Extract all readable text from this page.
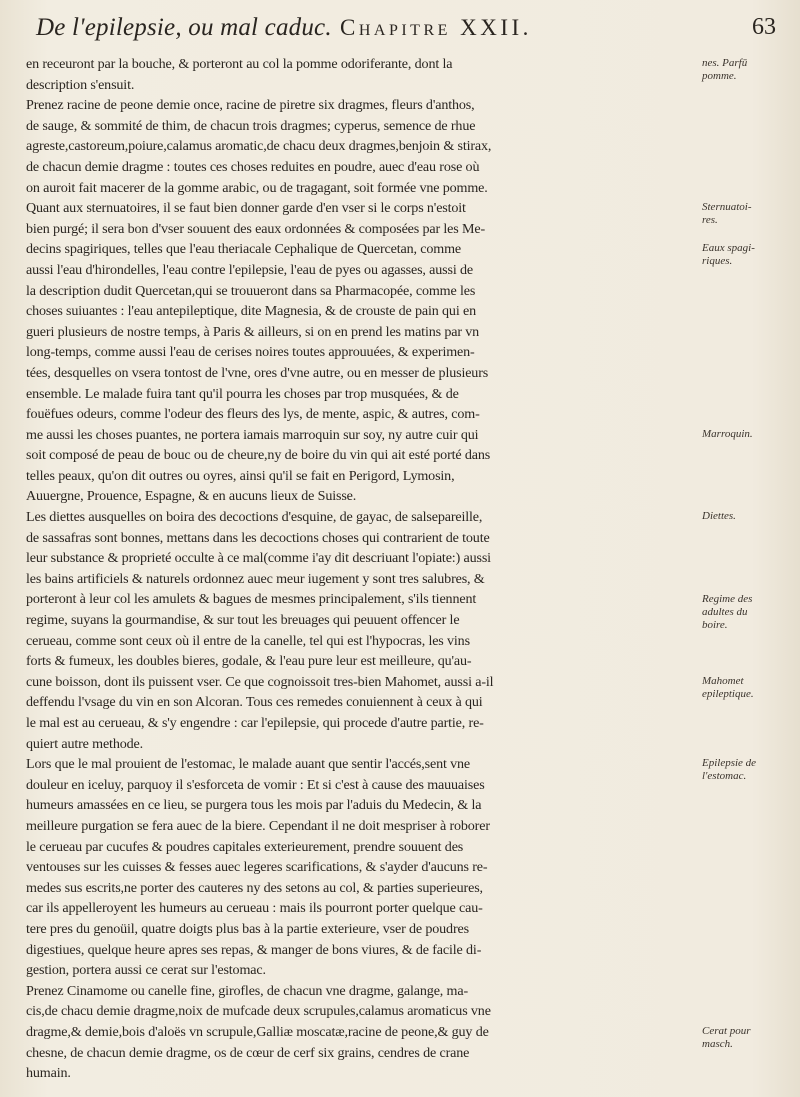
De l'epilepsie, ou mal caduc. Chapitre XXII.	63
en receuront par la bouche, & porteront au col la pomme odoriferante, dont la
description s'ensuit.
Prenez racine de peone demie once, racine de piretre six dragmes, fleurs d'anthos,
de sauge, & sommité de thim, de chacun trois dragmes; cyperus, semence de rhue
agreste,castoreum,poiure,calamus aromatic,de chacu deux dragmes,benjoin & stirax,
de chacun demie dragme : toutes ces choses reduites en poudre, auec d'eau rose où
on auroit fait macerer de la gomme arabic, ou de tragagant, soit formée vne pomme.
Quant aux sternuatoires, il se faut bien donner garde d'en vser si le corps n'estoit
bien purgé; il sera bon d'vser souuent des eaux ordonnées & composées par les Me-
decins spagiriques, telles que l'eau theriacale Cephalique de Quercetan, comme
aussi l'eau d'hirondelles, l'eau contre l'epilepsie, l'eau de pyes ou agasses, aussi de
la description dudit Quercetan,qui se trouueront dans sa Pharmacopée, comme les
choses suiuantes : l'eau antepileptique, dite Magnesia, & de crouste de pain qui en
gueri plusieurs de nostre temps, à Paris & ailleurs, si on en prend les matins par vn
long-temps, comme aussi l'eau de cerises noires toutes approuuées, & experimen-
tées, desquelles on vsera tontost de l'vne, ores d'vne autre, ou en messer de plusieurs
ensemble. Le malade fuira tant qu'il pourra les choses par trop musquées, & de
fouëfues odeurs, comme l'odeur des fleurs des lys, de mente, aspic, & autres, com-
me aussi les choses puantes, ne portera iamais marroquin sur soy, ny autre cuir qui
soit composé de peau de bouc ou de cheure,ny de boire du vin qui ait esté porté dans
telles peaux, qu'on dit outres ou oyres, ainsi qu'il se fait en Perigord, Lymosin,
Auuergne, Prouence, Espagne, & en aucuns lieux de Suisse.
Les diettes ausquelles on boira des decoctions d'esquine, de gayac, de salsepareille,
de sassafras sont bonnes, mettans dans les decoctions choses qui contrarient de toute
leur substance & proprieté occulte à ce mal(comme i'ay dit descriuant l'opiate:) aussi
les bains artificiels & naturels ordonnez auec meur iugement y sont tres salubres, &
porteront à leur col les amulets & bagues de mesmes principalement, s'ils tiennent
regime, suyans la gourmandise, & sur tout les breuages qui peuuent offencer le
cerueau, comme sont ceux où il entre de la canelle, tel qui est l'hypocras, les vins
forts & fumeux, les doubles bieres, godale, & l'eau pure leur est meilleure, qu'au-
cune boisson, dont ils puissent vser. Ce que cognoissoit tres-bien Mahomet, aussi a-il
deffendu l'vsage du vin en son Alcoran. Tous ces remedes conuiennent à ceux à qui
le mal est au cerueau, & s'y engendre : car l'epilepsie, qui procede d'autre partie, re-
quiert autre methode.
Lors que le mal prouient de l'estomac, le malade auant que sentir l'accés,sent vne
douleur en iceluy, parquoy il s'esforceta de vomir : Et si c'est à cause des mauuaises
humeurs amassées en ce lieu, se purgera tous les mois par l'aduis du Medecin, & la
meilleure purgation se fera auec de la biere. Cependant il ne doit mespriser à roborer
le cerueau par cucufes & poudres capitales exterieurement, prendre souuent des
ventouses sur les cuisses & fesses auec legeres scarifications, & s'ayder d'aucuns re-
medes sus escrits,ne porter des cauteres ny des setons au col, & parties superieures,
car ils appelleroyent les humeurs au cerueau : mais ils pourront porter quelque cau-
tere pres du genoüil, quatre doigts plus bas à la partie exterieure, vser de poudres
digestiues, quelque heure apres ses repas, & manger de bons viures, & de facile di-
gestion, portera aussi ce cerat sur l'estomac.
Prenez Cinamome ou canelle fine, girofles, de chacun vne dragme, galange, ma-
cis,de chacu demie dragme,noix de mufcade deux scrupules,calamus aromaticus vne
dragme,& demie,bois d'aloës vn scrupule,Galliæ moscatæ,racine de peone,& guy de
chesne, de chacun demie dragme, os de cœur de cerf six grains, cendres de crane
humain.
nes. Parfū
pomme.
Sternuatoi-
res.
Eaux spagi-
riques.
Marroquin.
Diettes.
Regime des
adultes du
boire.
Mahomet
epileptique.
Epilepsie de
l'estomac.
Cerat pour
masch.
